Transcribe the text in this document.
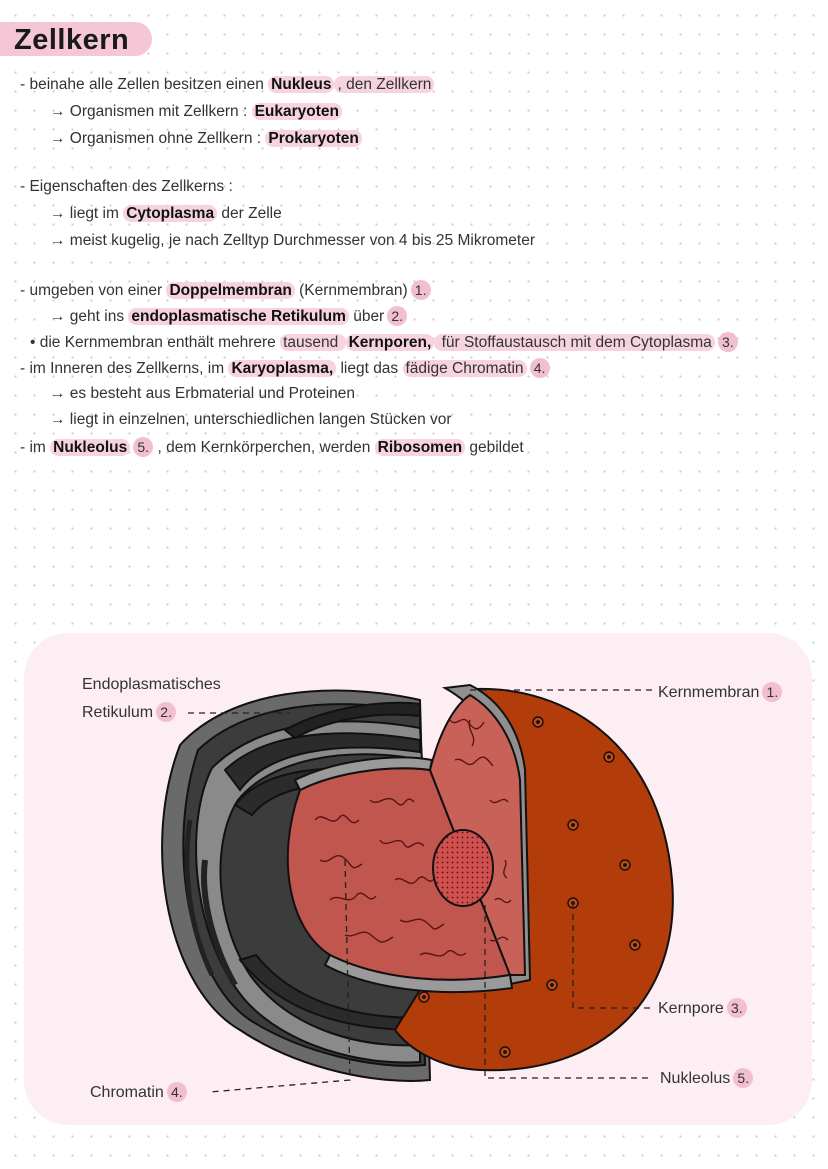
Zellkern
- beinahe alle Zellen besitzen einen Nukleus , den Zellkern
→ Organismen mit Zellkern : Eukaryoten
→ Organismen ohne Zellkern : Prokaryoten
- Eigenschaften des Zellkerns :
→ liegt im Cytoplasma der Zelle
→ meist kugelig, je nach Zelltyp Durchmesser von 4 bis 25 Mikrometer
- umgeben von einer Doppelmembran (Kernmembran) 1.
→ geht ins endoplasmatische Retikulum über 2.
• die Kernmembran enthält mehrere tausend Kernporen, für Stoffaustausch mit dem Cytoplasma 3.
- im Inneren des Zellkerns, im Karyoplasma, liegt das fädige Chromatin 4.
→ es besteht aus Erbmaterial und Proteinen
→ liegt in einzelnen, unterschiedlichen langen Stücken vor
- im Nukleolus 5. , dem Kernkörperchen, werden Ribosomen gebildet
Endoplasmatisches
Retikulum 2.
Kernmembran 1.
Kernpore 3.
Nukleolus 5.
Chromatin 4.
